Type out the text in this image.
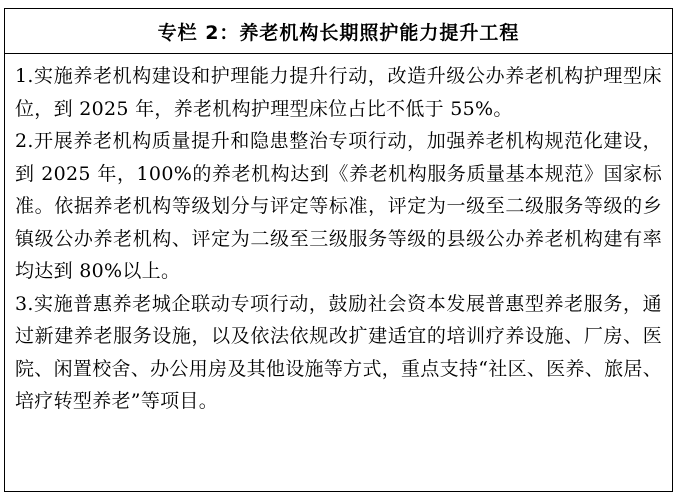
专栏 2：养老机构长期照护能力提升工程

1.实施养老机构建设和护理能力提升行动，改造升级公办养老机构护理型床位，到 2025 年，养老机构护理型床位占比不低于 55%。

2.开展养老机构质量提升和隐患整治专项行动，加强养老机构规范化建设，到 2025 年，100%的养老机构达到《养老机构服务质量基本规范》国家标准。依据养老机构等级划分与评定等标准，评定为一级至二级服务等级的乡镇级公办养老机构、评定为二级至三级服务等级的县级公办养老机构建有率均达到 80%以上。

3.实施普惠养老城企联动专项行动，鼓励社会资本发展普惠型养老服务，通过新建养老服务设施，以及依法依规改扩建适宜的培训疗养设施、厂房、医院、闲置校舍、办公用房及其他设施等方式，重点支持“社区、医养、旅居、培疗转型养老”等项目。
